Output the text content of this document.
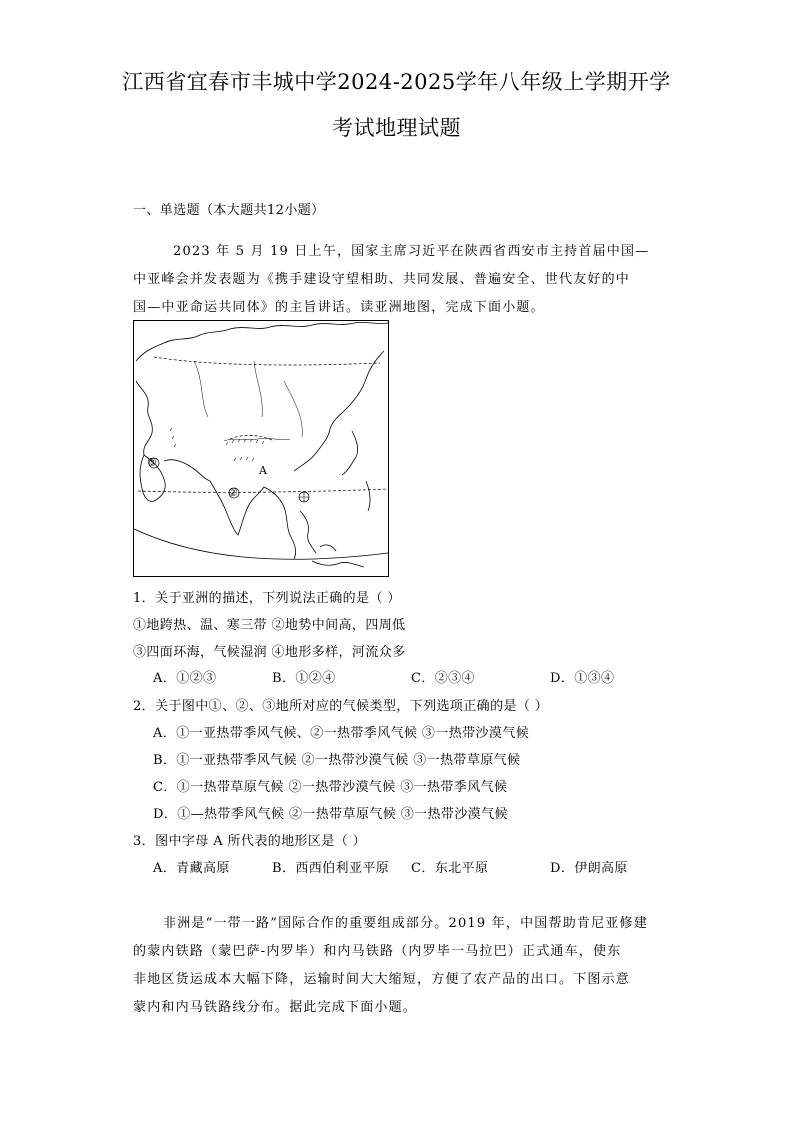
江西省宜春市丰城中学2024-2025学年八年级上学期开学
考试地理试题
一、单选题（本大题共12小题）
2023 年 5 月 19 日上午，国家主席习近平在陕西省西安市主持首届中国—
中亚峰会并发表题为《携手建设守望相助、共同发展、普遍安全、世代友好的中
国—中亚命运共同体》的主旨讲话。读亚洲地图，完成下面小题。
A
②
③
1．关于亚洲的描述，下列说法正确的是（ ）
①地跨热、温、寒三带 ②地势中间高，四周低
③四面环海，气候湿润 ④地形多样，河流众多
A．①②③	B．①②④	C．②③④	D．①③④
2．关于图中①、②、③地所对应的气候类型，下列选项正确的是（ ）
A．①一亚热带季风气候、②一热带季风气候 ③一热带沙漠气候
B．①一亚热带季风气候 ②一热带沙漠气候 ③一热带草原气候
C．①一热带草原气候 ②一热带沙漠气候 ③一热带季风气候
D．①—热带季风气候 ②一热带草原气候 ③一热带沙漠气候
3．图中字母 A 所代表的地形区是（ ）
A．青藏高原	B．西西伯利亚平原 C．东北平原	D．伊朗高原
非洲是“一带一路”国际合作的重要组成部分。2019 年，中国帮助肯尼亚修建
的蒙内铁路（蒙巴萨-内罗毕）和内马铁路（内罗毕一马拉巴）正式通车，使东
非地区货运成本大幅下降，运输时间大大缩短，方便了农产品的出口。下图示意
蒙内和内马铁路线分布。据此完成下面小题。
